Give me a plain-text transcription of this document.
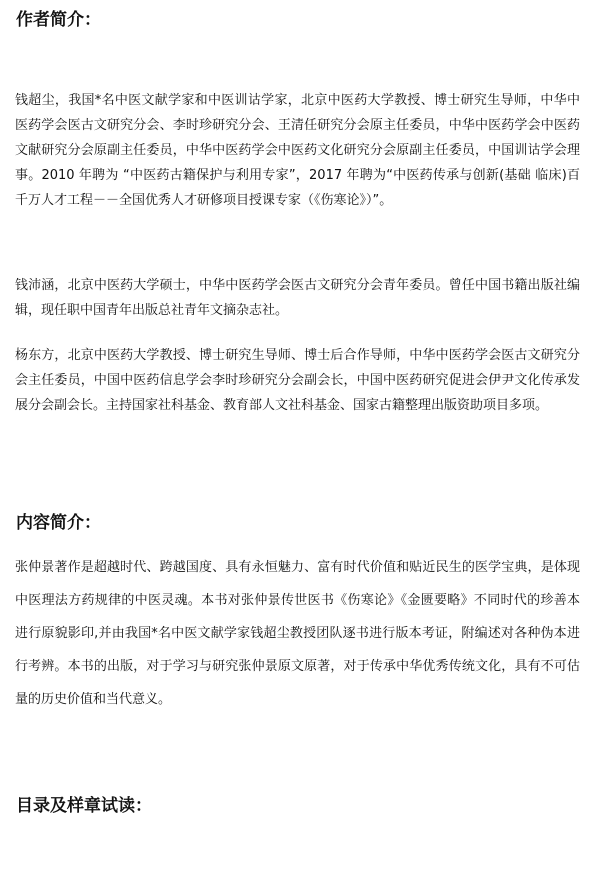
作者简介：

钱超尘，我国*名中医文献学家和中医训诂学家，北京中医药大学教授、博士研究生导师，中华中医药学会医古文研究分会、李时珍研究分会、王清任研究分会原主任委员，中华中医药学会中医药文献研究分会原副主任委员，中华中医药学会中医药文化研究分会原副主任委员，中国训诂学会理事。2010 年聘为 “中医药古籍保护与利用专家”，2017 年聘为“中医药传承与创新(基础 临床)百千万人才工程－－全国优秀人才研修项目授课专家（《伤寒论》）”。

钱沛涵，北京中医药大学硕士，中华中医药学会医古文研究分会青年委员。曾任中国书籍出版社编辑，现任职中国青年出版总社青年文摘杂志社。

杨东方，北京中医药大学教授、博士研究生导师、博士后合作导师，中华中医药学会医古文研究分会主任委员，中国中医药信息学会李时珍研究分会副会长，中国中医药研究促进会伊尹文化传承发展分会副会长。主持国家社科基金、教育部人文社科基金、国家古籍整理出版资助项目多项。

内容简介：

张仲景著作是超越时代、跨越国度、具有永恒魅力、富有时代价值和贴近民生的医学宝典，是体现中医理法方药规律的中医灵魂。本书对张仲景传世医书《伤寒论》《金匮要略》不同时代的珍善本进行原貌影印,并由我国*名中医文献学家钱超尘教授团队逐书进行版本考证，附编述对各种伪本进行考辨。本书的出版，对于学习与研究张仲景原文原著，对于传承中华优秀传统文化，具有不可估量的历史价值和当代意义。

目录及样章试读：
